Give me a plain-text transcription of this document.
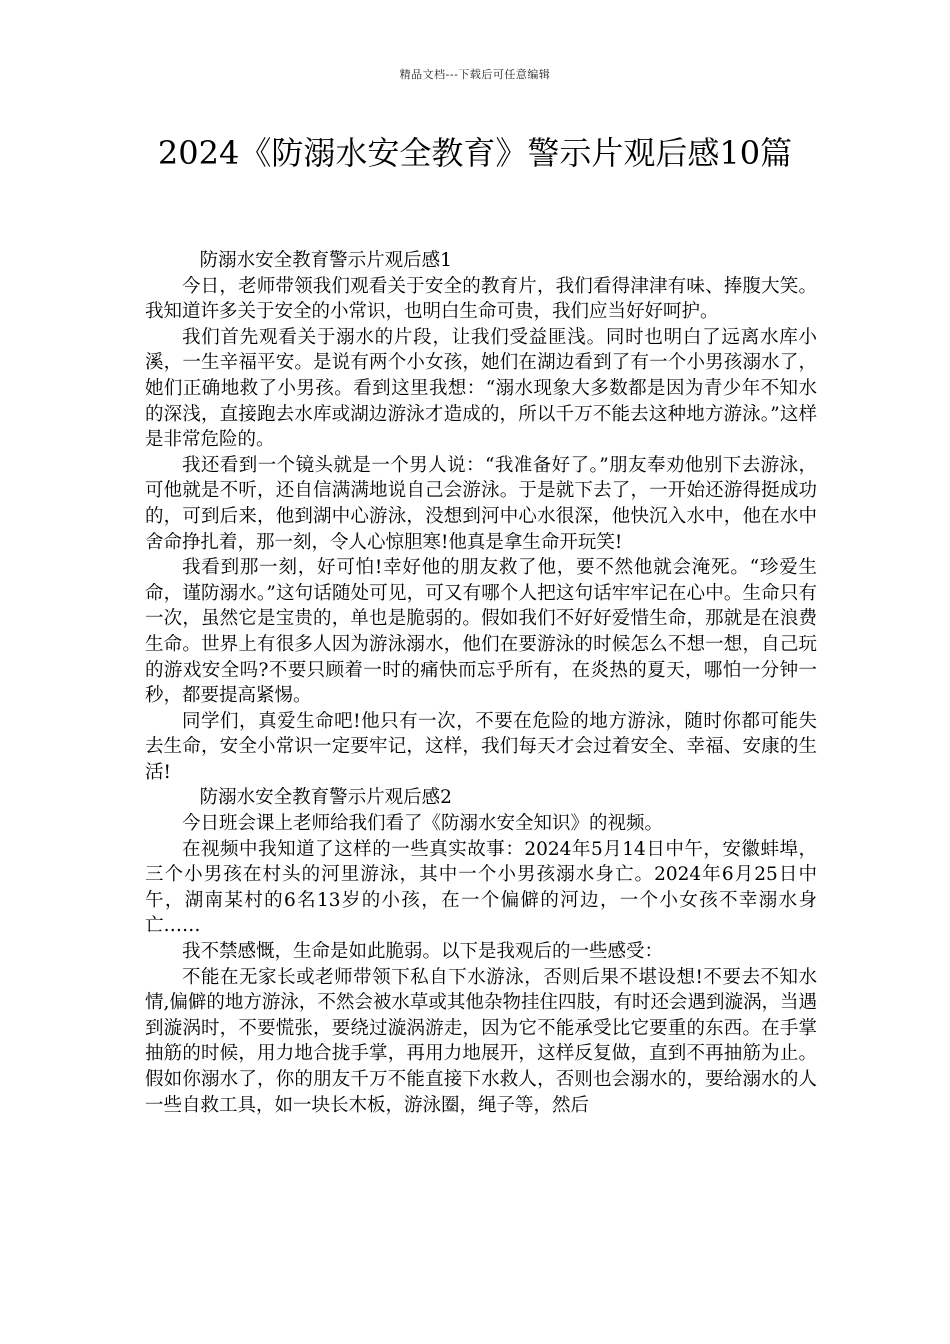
精品文档---下载后可任意编辑
2024《防溺水安全教育》警示片观后感10篇

防溺水安全教育警示片观后感1

今日，老师带领我们观看关于安全的教育片，我们看得津津有味、捧腹大笑。我知道许多关于安全的小常识，也明白生命可贵，我们应当好好呵护。

我们首先观看关于溺水的片段，让我们受益匪浅。同时也明白了远离水库小溪，一生辛福平安。是说有两个小女孩，她们在湖边看到了有一个小男孩溺水了，她们正确地救了小男孩。看到这里我想：“溺水现象大多数都是因为青少年不知水的深浅，直接跑去水库或湖边游泳才造成的，所以千万不能去这种地方游泳。”这样是非常危险的。

我还看到一个镜头就是一个男人说：“我准备好了。”朋友奉劝他别下去游泳，可他就是不听，还自信满满地说自己会游泳。于是就下去了，一开始还游得挺成功的，可到后来，他到湖中心游泳，没想到河中心水很深，他快沉入水中，他在水中舍命挣扎着，那一刻，令人心惊胆寒!他真是拿生命开玩笑!

我看到那一刻，好可怕!幸好他的朋友救了他，要不然他就会淹死。“珍爱生命，谨防溺水。”这句话随处可见，可又有哪个人把这句话牢牢记在心中。生命只有一次，虽然它是宝贵的，单也是脆弱的。假如我们不好好爱惜生命，那就是在浪费生命。世界上有很多人因为游泳溺水，他们在要游泳的时候怎么不想一想，自己玩的游戏安全吗?不要只顾着一时的痛快而忘乎所有，在炎热的夏天，哪怕一分钟一秒，都要提高紧惕。

同学们，真爱生命吧!他只有一次，不要在危险的地方游泳，随时你都可能失去生命，安全小常识一定要牢记，这样，我们每天才会过着安全、幸福、安康的生活!

防溺水安全教育警示片观后感2

今日班会课上老师给我们看了《防溺水安全知识》的视频。

在视频中我知道了这样的一些真实故事：2024年5月14日中午，安徽蚌埠，三个小男孩在村头的河里游泳，其中一个小男孩溺水身亡。2024年6月25日中午，湖南某村的6名13岁的小孩，在一个偏僻的河边，一个小女孩不幸溺水身亡……

我不禁感慨，生命是如此脆弱。以下是我观后的一些感受：

不能在无家长或老师带领下私自下水游泳，否则后果不堪设想!不要去不知水情,偏僻的地方游泳，不然会被水草或其他杂物挂住四肢，有时还会遇到漩涡，当遇到漩涡时，不要慌张，要绕过漩涡游走，因为它不能承受比它要重的东西。在手掌抽筋的时候，用力地合拢手掌，再用力地展开，这样反复做，直到不再抽筋为止。假如你溺水了，你的朋友千万不能直接下水救人，否则也会溺水的，要给溺水的人一些自救工具，如一块长木板，游泳圈，绳子等，然后
